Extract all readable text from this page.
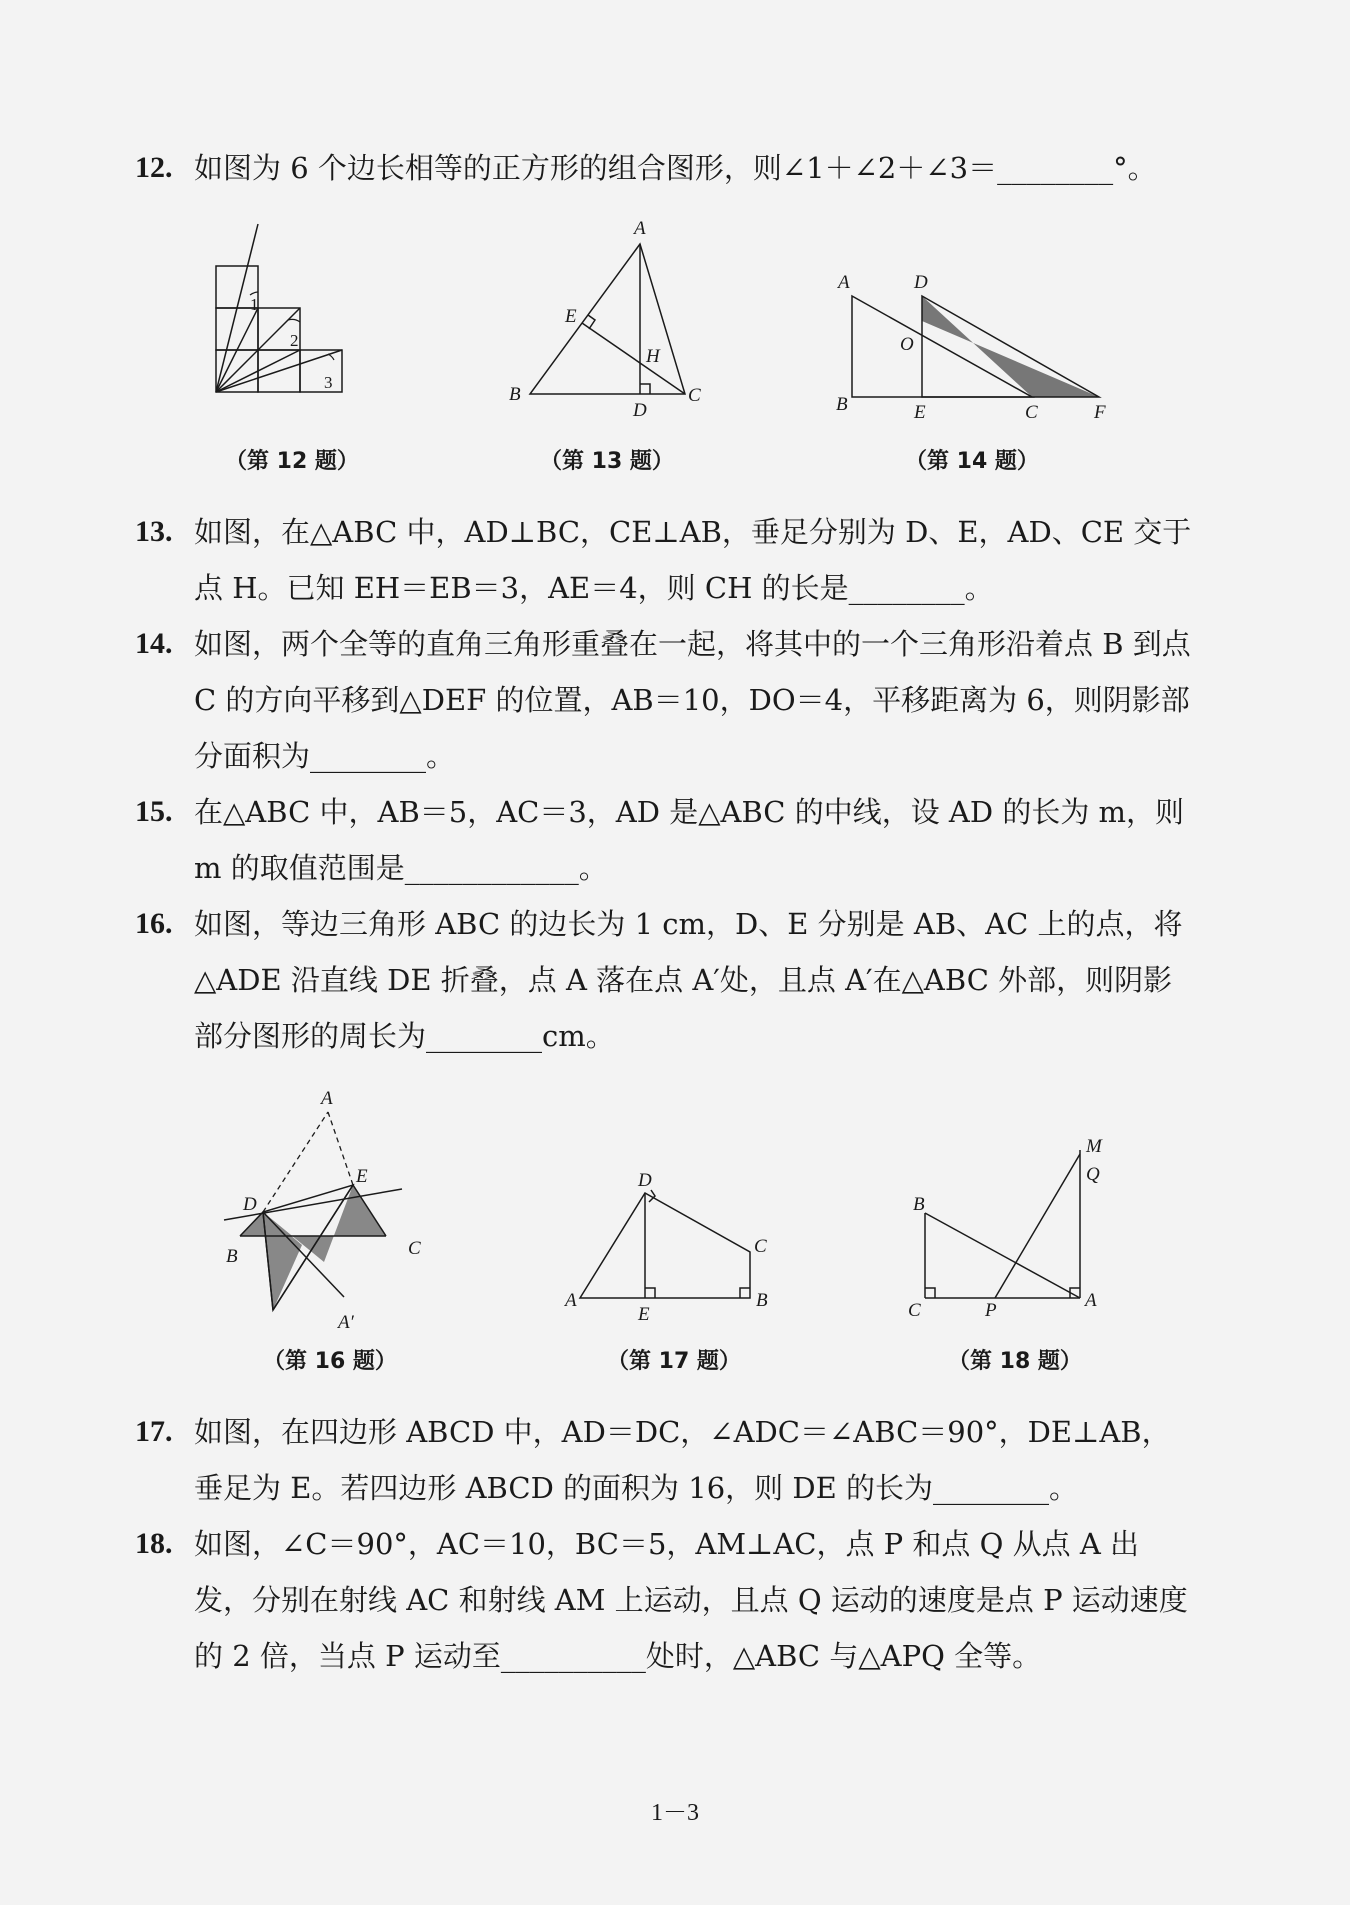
12. 如图为 6 个边长相等的正方形的组合图形，则∠1＋∠2＋∠3＝________°。
1
2
3
（第 12 题）
A
B	C
D
E
H
（第 13 题）
A
B	C
D
E	F
O
（第 14 题）
13. 如图，在△ABC 中，AD⊥BC，CE⊥AB，垂足分别为 D、E，AD、CE 交于点 H。已知 EH＝EB＝3，AE＝4，则 CH 的长是________。
14. 如图，两个全等的直角三角形重叠在一起，将其中的一个三角形沿着点 B 到点 C 的方向平移到△DEF 的位置，AB＝10，DO＝4，平移距离为 6，则阴影部分面积为________。
15. 在△ABC 中，AB＝5，AC＝3，AD 是△ABC 的中线，设 AD 的长为 m，则 m 的取值范围是____________。
16. 如图，等边三角形 ABC 的边长为 1 cm，D、E 分别是 AB、AC 上的点，将△ADE 沿直线 DE 折叠，点 A 落在点 A′处，且点 A′在△ABC 外部，则阴影部分图形的周长为________cm。
A
B	C
D
E
A′
（第 16 题）
A	B
C
D
E
（第 17 题）
B
C	A
P
Q
M
（第 18 题）
17. 如图，在四边形 ABCD 中，AD＝DC，∠ADC＝∠ABC＝90°，DE⊥AB，垂足为 E。若四边形 ABCD 的面积为 16，则 DE 的长为________。
18. 如图，∠C＝90°，AC＝10，BC＝5，AM⊥AC，点 P 和点 Q 从点 A 出发，分别在射线 AC 和射线 AM 上运动，且点 Q 运动的速度是点 P 运动速度的 2 倍，当点 P 运动至__________处时，△ABC 与△APQ 全等。
1－3
